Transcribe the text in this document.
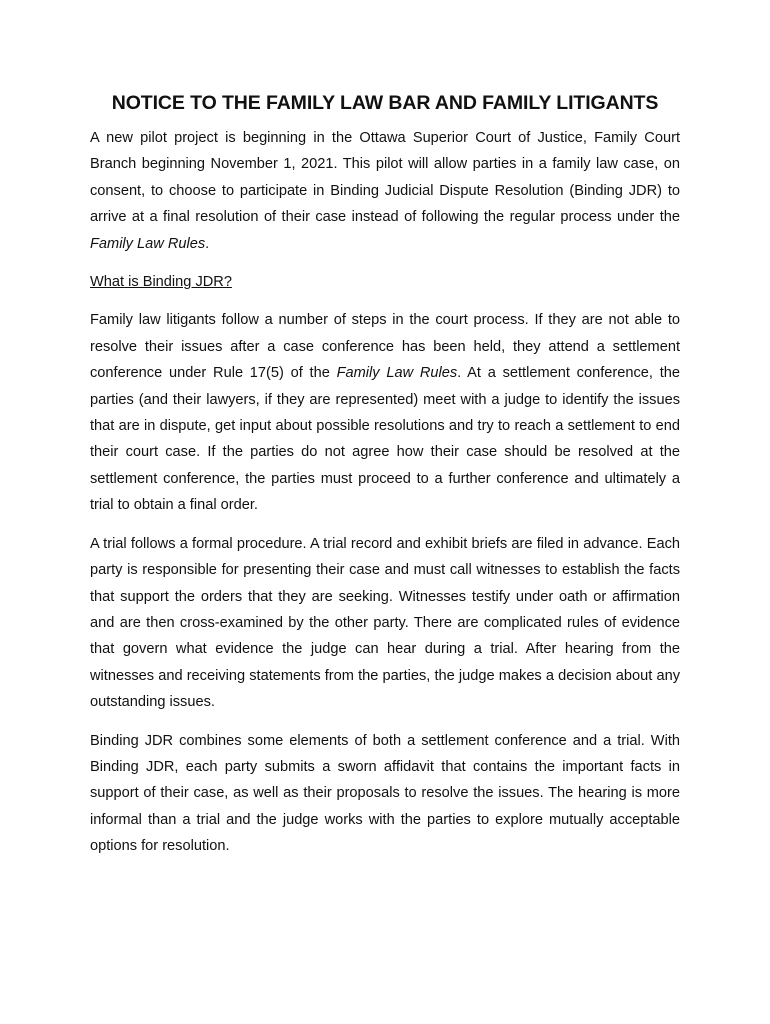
NOTICE TO THE FAMILY LAW BAR AND FAMILY LITIGANTS

A new pilot project is beginning in the Ottawa Superior Court of Justice, Family Court Branch beginning November 1, 2021. This pilot will allow parties in a family law case, on consent, to choose to participate in Binding Judicial Dispute Resolution (Binding JDR) to arrive at a final resolution of their case instead of following the regular process under the Family Law Rules.

What is Binding JDR?

Family law litigants follow a number of steps in the court process. If they are not able to resolve their issues after a case conference has been held, they attend a settlement conference under Rule 17(5) of the Family Law Rules. At a settlement conference, the parties (and their lawyers, if they are represented) meet with a judge to identify the issues that are in dispute, get input about possible resolutions and try to reach a settlement to end their court case. If the parties do not agree how their case should be resolved at the settlement conference, the parties must proceed to a further conference and ultimately a trial to obtain a final order.

A trial follows a formal procedure. A trial record and exhibit briefs are filed in advance. Each party is responsible for presenting their case and must call witnesses to establish the facts that support the orders that they are seeking. Witnesses testify under oath or affirmation and are then cross-examined by the other party. There are complicated rules of evidence that govern what evidence the judge can hear during a trial. After hearing from the witnesses and receiving statements from the parties, the judge makes a decision about any outstanding issues.

Binding JDR combines some elements of both a settlement conference and a trial. With Binding JDR, each party submits a sworn affidavit that contains the important facts in support of their case, as well as their proposals to resolve the issues. The hearing is more informal than a trial and the judge works with the parties to explore mutually acceptable options for resolution.
